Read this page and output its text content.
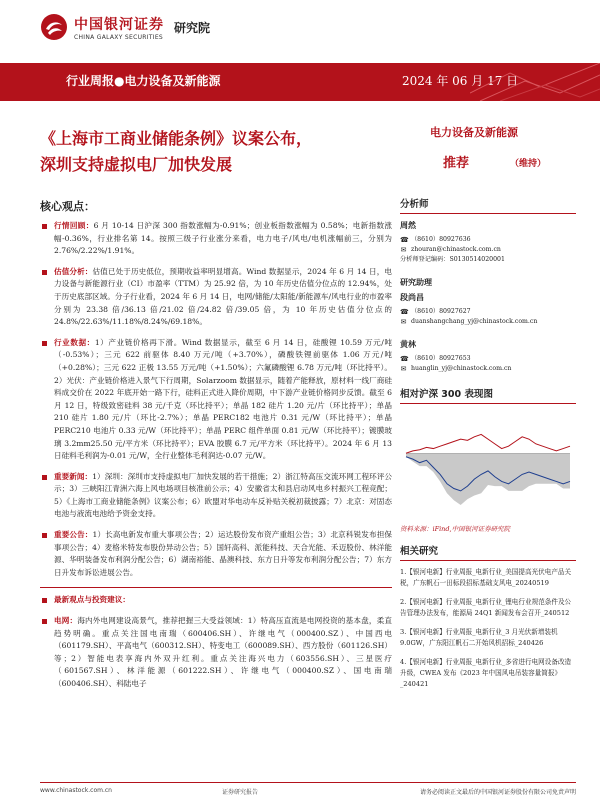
中国银河证券
CHINA GALAXY SECURITIES
研究院
行业周报●电力设备及新能源	2024 年 06 月 17 日
《上海市工商业储能条例》议案公布，
深圳支持虚拟电厂加快发展
电力设备及新能源
推荐	（维持）
核心观点：
行情回顾：6 月 10-14 日沪深 300 指数涨幅为-0.91%；创业板指数涨幅为 0.58%；电新指数涨幅-0.36%，行业排名第 14。按照三级子行业涨分来看，电力电子/风电/电机涨幅前三，分别为 2.76%/2.22%/1.91%。
估值分析：估值已处于历史低位，预期收益率明显增高。Wind 数据显示，2024 年 6 月 14 日，电力设备与新能源行业（CI）市盈率（TTM）为 25.92 倍，为 10 年历史估值分位点的 12.94%，处于历史底部区域。分子行业看，2024 年 6 月 14 日，电网/储能/太阳能/新能源车/风电行业的市盈率分别为 23.38 倍/36.13 倍/21.02 倍/24.82 倍/39.05 倍，为 10 年历史估值分位点的 24.8%/22.63%/11.18%/8.24%/69.18%。
行业数据：1）产业链价格再下滑。Wind 数据显示，截至 6 月 14 日，硅酸锂 10.59 万元/吨（-0.53%）；三元 622 前驱体 8.40 万元/吨（+3.70%），磷酸铁锂前驱体 1.06 万元/吨（+0.28%）；三元 622 正极 13.55 万元/吨（+1.50%）；六氟磷酸锂 6.78 万元/吨（环比持平）。2）光伏：产业链价格进入景气下行周期，Solarzoom 数据显示，随着产能释放，原材料一线厂商硅料成交价在 2022 年底开始一路下行，硅料正式进入降价周期，中下游产业链价格同步反馈。截至 6 月 12 日，特级致密硅料 38 元/千克（环比持平）；单晶 182 硅片 1.20 元/片（环比持平）；单晶 210 硅片 1.80 元/片（环比-2.7%）；单晶 PERC182 电池片 0.31 元/W（环比持平）；单晶 PERC210 电池片 0.33 元/W（环比持平）；单晶 PERC 组件单面 0.81 元/W（环比持平）；镀膜玻璃 3.2mm25.50 元/平方米（环比持平）；EVA 胶膜 6.7 元/平方米（环比持平）。2024 年 6 月 13 日硅料毛利润为-0.01 元/W，全行业整体毛利润达-0.07 元/W。
重要新闻：1）深圳：深圳市支持虚拟电厂加快发展的若干措施；2）浙江特高压交流环网工程环评公示；3）三峡阳江青洲六海上风电场项目核准前公示；4）安徽省太和县启动风电乡村振兴工程竞配；5）《上海市工商业储能条例》议案公布；6）欧盟对华电动车反补贴关税初裁披露；7）北京：对固态电池与液流电池给予资金支持。
重要公告：1）长高电新发布重大事项公告；2）运达股份发布资产重组公告；3）北京科锐发布担保事项公告；4）麦格米特发布股份异动公告；5）国轩高科、派能科技、天合光能、禾迈股份、林洋能源、华明装备发布利润分配公告；6）湖南裕能、晶澳科技、东方日升等发布利润分配公告；7）东方日升发布诉讼进展公告。
最新观点与投资建议：
电网：海内外电网建设高景气，推荐把握三大受益领域：1）特高压直流是电网投资的基本盘，柔直趋势明确。重点关注国电南瑞（600406.SH）、许继电气（000400.SZ）、中国西电（601179.SH）、平高电气（600312.SH）、特变电工（600089.SH）、西方股份（601126.SH）等；2）智能电表享海内外双升红利。重点关注海兴电力（603556.SH）、三星医疗（601567.SH）、林洋能源（601222.SH）、许继电气（000400.SZ）、国电南瑞（600406.SH）、科陆电子
分析师
周然
☎ （8610）80927636
✉ zhouran@chinastock.com.cn
分析师登记编码：S0130514020001
研究助理
段尚昌
☎ （8610）80927627
✉ duanshangchang_yj@chinastock.com.cn
黄林
☎ （8610）80927653
✉ huanglin_yj@chinastock.com.cn
相对沪深 300 表现图
资料来源：iFind,中国银河证券研究院
相关研究
1.【银河电新】行业周报_电新行业_美国提高光伏电产品关税，广东帆石一田标段招标基础支风电_20240519
2.【银河电新】行业周报_电新行业_锂电行业规范条件及公告管理办法发布，能源局 24Q1 新闻发布会召开_240512
3.【银河电新】行业周报_电新行业_3 月光伏新增装机 9.0GW，广东阳江帆石二开始风机招标_240426
4.【银河电新】行业周报_电新行业_多省进行电网设备改造升级，CWEA 发布《2023 年中国风电吊装容量简报》_240421
www.chinastock.com.cn	证券研究报告	请务必阅读正文最后的中国银河证券股份有限公司免责声明
